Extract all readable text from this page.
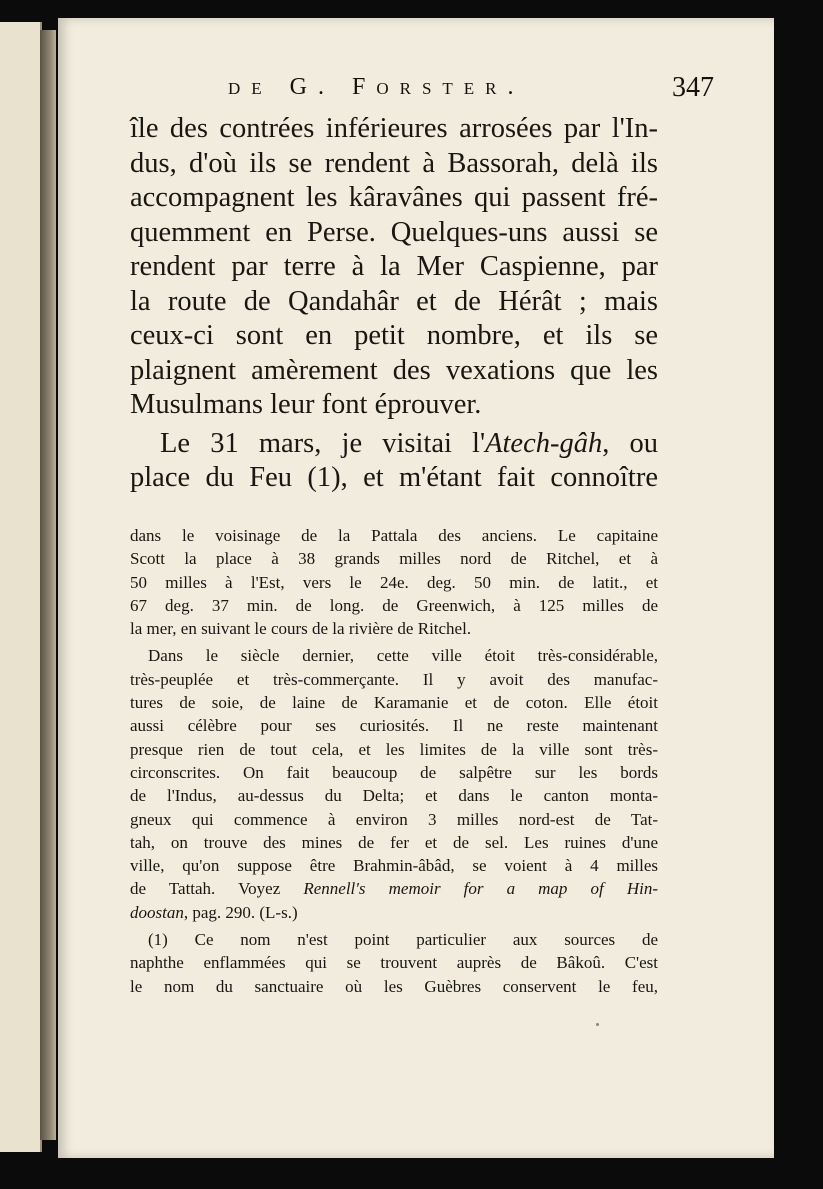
de G. Forster.	347

île des contrées inférieures arrosées par l'In-
dus, d'où ils se rendent à Bassorah, delà ils
accompagnent les kâravânes qui passent fré-
quemment en Perse. Quelques-uns aussi se
rendent par terre à la Mer Caspienne, par
la route de Qandahâr et de Hérât ; mais
ceux-ci sont en petit nombre, et ils se
plaignent amèrement des vexations que les
Musulmans leur font éprouver.

Le 31 mars, je visitai l'Atech-gâh, ou

place du Feu (1), et m'étant fait connoître

dans le voisinage de la Pattala des anciens. Le capitaine
Scott la place à 38 grands milles nord de Ritchel, et à
50 milles à l'Est, vers le 24e. deg. 50 min. de latit., et
67 deg. 37 min. de long. de Greenwich, à 125 milles de
la mer, en suivant le cours de la rivière de Ritchel.
Dans le siècle dernier, cette ville étoit très-considérable,
très-peuplée et très-commerçante. Il y avoit des manufac-
tures de soie, de laine de Karamanie et de coton. Elle étoit
aussi célèbre pour ses curiosités. Il ne reste maintenant
presque rien de tout cela, et les limites de la ville sont très-
circonscrites. On fait beaucoup de salpêtre sur les bords
de l'Indus, au-dessus du Delta; et dans le canton monta-
gneux qui commence à environ 3 milles nord-est de Tat-
tah, on trouve des mines de fer et de sel. Les ruines d'une
ville, qu'on suppose être Brahmin-âbâd, se voient à 4 milles
de Tattah. Voyez Rennell's memoir for a map of Hin-
doostan, pag. 290. (L-s.)
(1) Ce nom n'est point particulier aux sources de
naphthe enflammées qui se trouvent auprès de Bâkoû. C'est
le nom du sanctuaire où les Guèbres conservent le feu,
